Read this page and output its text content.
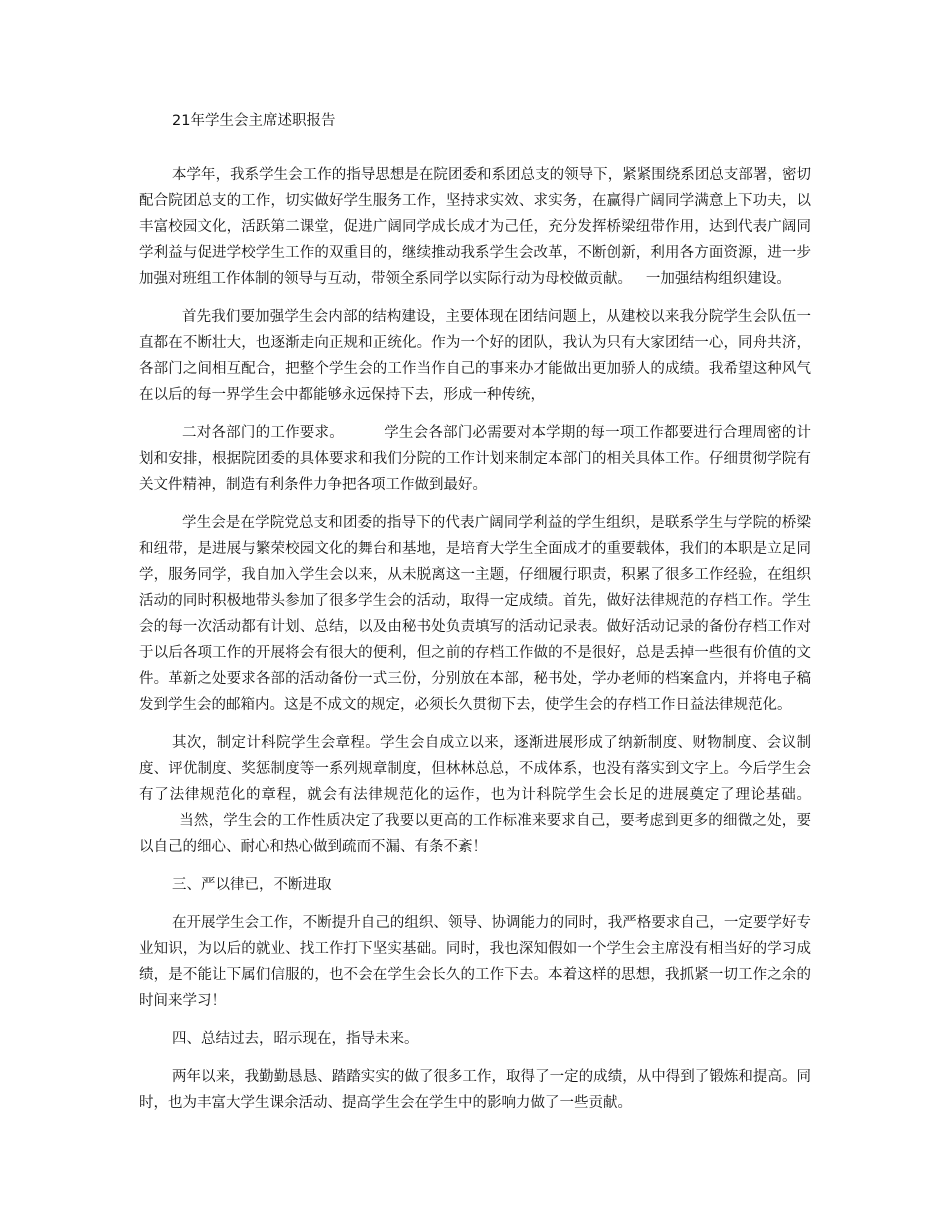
21年学生会主席述职报告

本学年，我系学生会工作的指导思想是在院团委和系团总支的领导下，紧紧围绕系团总支部署，密切配合院团总支的工作，切实做好学生服务工作，坚持求实效、求实务，在赢得广阔同学满意上下功夫，以丰富校园文化，活跃第二课堂，促进广阔同学成长成才为己任，充分发挥桥梁纽带作用，达到代表广阔同学利益与促进学校学生工作的双重目的，继续推动我系学生会改革，不断创新，利用各方面资源，进一步加强对班组工作体制的领导与互动，带领全系同学以实际行动为母校做贡献。 一加强结构组织建设。

首先我们要加强学生会内部的结构建设，主要体现在团结问题上，从建校以来我分院学生会队伍一直都在不断壮大，也逐渐走向正规和正统化。作为一个好的团队，我认为只有大家团结一心，同舟共济，各部门之间相互配合，把整个学生会的工作当作自己的事来办才能做出更加骄人的成绩。我希望这种风气在以后的每一界学生会中都能够永远保持下去，形成一种传统，

二对各部门的工作要求。	学生会各部门必需要对本学期的每一项工作都要进行合理周密的计划和安排，根据院团委的具体要求和我们分院的工作计划来制定本部门的相关具体工作。仔细贯彻学院有关文件精神，制造有利条件力争把各项工作做到最好。

学生会是在学院党总支和团委的指导下的代表广阔同学利益的学生组织，是联系学生与学院的桥梁和纽带，是进展与繁荣校园文化的舞台和基地，是培育大学生全面成才的重要载体，我们的本职是立足同学，服务同学，我自加入学生会以来，从未脱离这一主题，仔细履行职责，积累了很多工作经验，在组织活动的同时积极地带头参加了很多学生会的活动，取得一定成绩。首先，做好法律规范的存档工作。学生会的每一次活动都有计划、总结，以及由秘书处负责填写的活动记录表。做好活动记录的备份存档工作对于以后各项工作的开展将会有很大的便利，但之前的存档工作做的不是很好，总是丢掉一些很有价值的文件。革新之处要求各部的活动备份一式三份，分别放在本部，秘书处，学办老师的档案盒内，并将电子稿发到学生会的邮箱内。这是不成文的规定，必须长久贯彻下去，使学生会的存档工作日益法律规范化。

其次，制定计科院学生会章程。学生会自成立以来，逐渐进展形成了纳新制度、财物制度、会议制度、评优制度、奖惩制度等一系列规章制度，但林林总总，不成体系，也没有落实到文字上。今后学生会有了法律规范化的章程，就会有法律规范化的运作，也为计科院学生会长足的进展奠定了理论基础。当然，学生会的工作性质决定了我要以更高的工作标准来要求自己，要考虑到更多的细微之处，要以自己的细心、耐心和热心做到疏而不漏、有条不紊！

三、严以律已，不断进取

在开展学生会工作，不断提升自己的组织、领导、协调能力的同时，我严格要求自己，一定要学好专业知识，为以后的就业、找工作打下坚实基础。同时，我也深知假如一个学生会主席没有相当好的学习成绩，是不能让下属们信服的，也不会在学生会长久的工作下去。本着这样的思想，我抓紧一切工作之余的时间来学习！

四、总结过去，昭示现在，指导未来。

两年以来，我勤勤恳恳、踏踏实实的做了很多工作，取得了一定的成绩，从中得到了锻炼和提高。同时，也为丰富大学生课余活动、提高学生会在学生中的影响力做了一些贡献。
